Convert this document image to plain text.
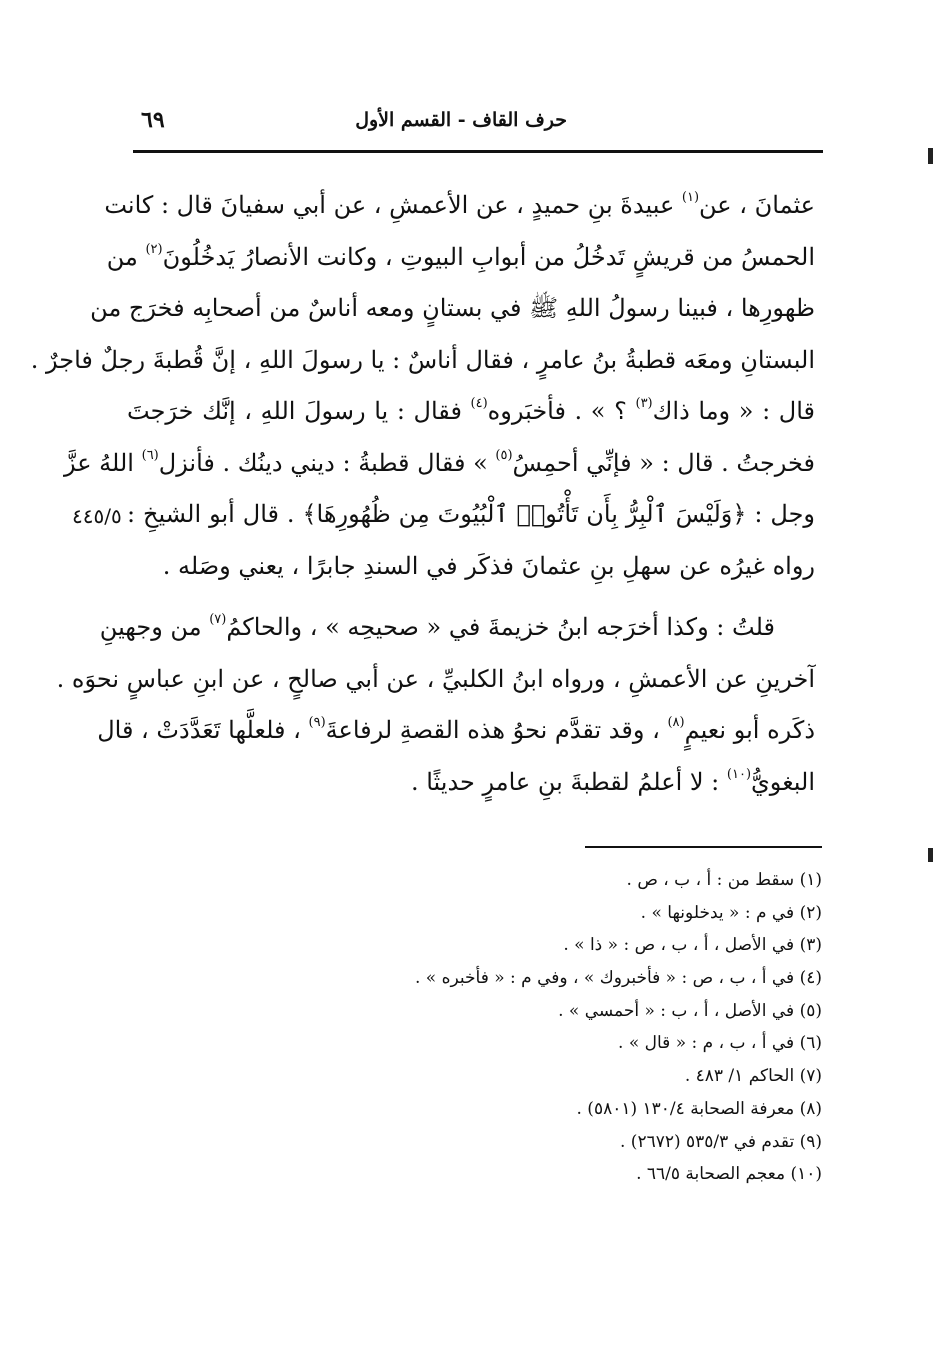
حرف القاف - القسم الأول
٦٩
عثمانَ ، عن$^{(١)}$ عبيدةَ بنِ حميدٍ ، عن الأعمشِ ، عن أبي سفيانَ قال : كانت
الحمسُ من قريشٍ تَدخُلُ من أبوابِ البيوتِ ، وكانت الأنصارُ يَدخُلُونَ$^{(٢)}$ من
ظهورِها ، فبينا رسولُ اللهِ ﷺ في بستانٍ ومعه أناسٌ من أصحابِه فخرَج من
البستانِ ومعَه قطبةُ بنُ عامرٍ ، فقال أناسٌ : يا رسولَ اللهِ ، إنَّ قُطبةَ رجلٌ فاجرٌ .
قال : « وما ذاك$^{(٣)}$ ؟ » . فأخبَروه$^{(٤)}$ فقال : يا رسولَ اللهِ ، إنَّك خرَجتَ
فخرجتُ . قال : « فإنِّي أحمِسُ$^{(٥)}$ » فقال قطبةُ : ديني دينُك . فأنزل$^{(٦)}$ اللهُ عزَّ
وجل : ﴿وَلَيْسَ ٱلْبِرُّ بِأَن تَأْتُوا۟ ٱلْبُيُوتَ مِن ظُهُورِهَا﴾ . قال أبو الشيخِ :
رواه غيرُه عن سهلِ بنِ عثمانَ فذكَر في السندِ جابرًا ، يعني وصَله .
قلتُ : وكذا أخرَجه ابنُ خزيمةَ في « صحيحِه » ، والحاكمُ$^{(٧)}$ من وجهينِ
آخرينِ عن الأعمشِ ، ورواه ابنُ الكلبيِّ ، عن أبي صالحٍ ، عن ابنِ عباسٍ نحوَه .
ذكَره أبو نعيمٍ$^{(٨)}$ ، وقد تقدَّم نحوُ هذه القصةِ لرفاعةَ$^{(٩)}$ ، فلعلَّها تَعَدَّدَتْ ، قال
البغويُّ$^{(١٠)}$ : لا أعلمُ لقطبةَ بنِ عامرٍ حديثًا .
٤٤٥/٥
(١) سقط من : أ ، ب ، ص .
(٢) في م : « يدخلونها » .
(٣) في الأصل ، أ ، ب ، ص : « ذا » .
(٤) في أ ، ب ، ص : « فأخبروك » ، وفي م : « فأخبره » .
(٥) في الأصل ، أ ، ب : « أحمسي » .
(٦) في أ ، ب ، م : « قال » .
(٧) الحاكم ١/ ٤٨٣ .
(٨) معرفة الصحابة ١٣٠/٤ (٥٨٠١) .
(٩) تقدم في ٥٣٥/٣ (٢٦٧٢) .
(١٠) معجم الصحابة ٦٦/٥ .
